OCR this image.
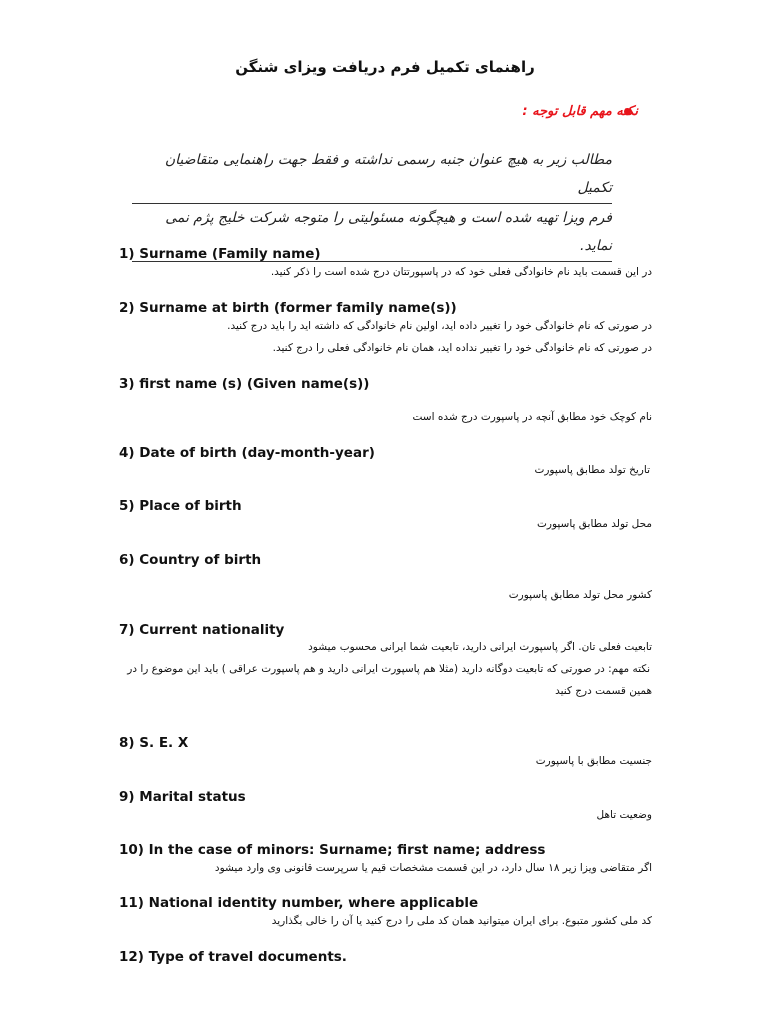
راهنمای تکمیل فرم دریافت ویزای شنگن
نکته مهم قابل توجه :
مطالب زیر به هیچ عنوان جنبه رسمی نداشته و فقط جهت راهنمایی متقاضیان تکمیل
فرم ویزا تهیه شده است و هیچگونه مسئولیتی را متوجه شرکت خلیج پژم نمی نماید.
1) Surname (Family name)
در این قسمت باید نام خانوادگی فعلی خود که در پاسپورتتان درج شده است را ذکر کنید.
2) Surname at birth (former family name(s))
در صورتی که نام خانوادگی خود را تغییر داده اید، اولین نام خانوادگی که داشته اید را باید درج کنید.
در صورتی که نام خانوادگی خود را تغییر نداده اید، همان نام خانوادگی فعلی را درج کنید.
3) first name (s) (Given name(s))
نام کوچک خود مطابق آنچه در پاسپورت درج شده است
4) Date of birth (day-month-year)
تاریخ تولد مطابق پاسپورت
5) Place of birth
محل تولد مطابق پاسپورت
6) Country of birth
کشور محل تولد مطابق پاسپورت
7) Current nationality
تابعیت فعلی تان. اگر پاسپورت ایرانی دارید، تابعیت شما ایرانی محسوب میشود
نکته مهم: در صورتی که تابعیت دوگانه دارید (مثلا هم پاسپورت ایرانی دارید و هم پاسپورت عراقی ) باید این موضوع را در
همین قسمت درج کنید
8) S. E. X
جنسیت مطابق با پاسپورت
9) Marital status
وضعیت تاهل
10) In the case of minors: Surname; first name; address
اگر متقاضی ویزا زیر ۱۸ سال دارد، در این قسمت مشخصات قیم یا سرپرست قانونی وی وارد میشود
11) National identity number, where applicable
کد ملی کشور متبوع. برای ایران میتوانید همان کد ملی را درج کنید یا آن را خالی بگذارید
12) Type of travel documents.
